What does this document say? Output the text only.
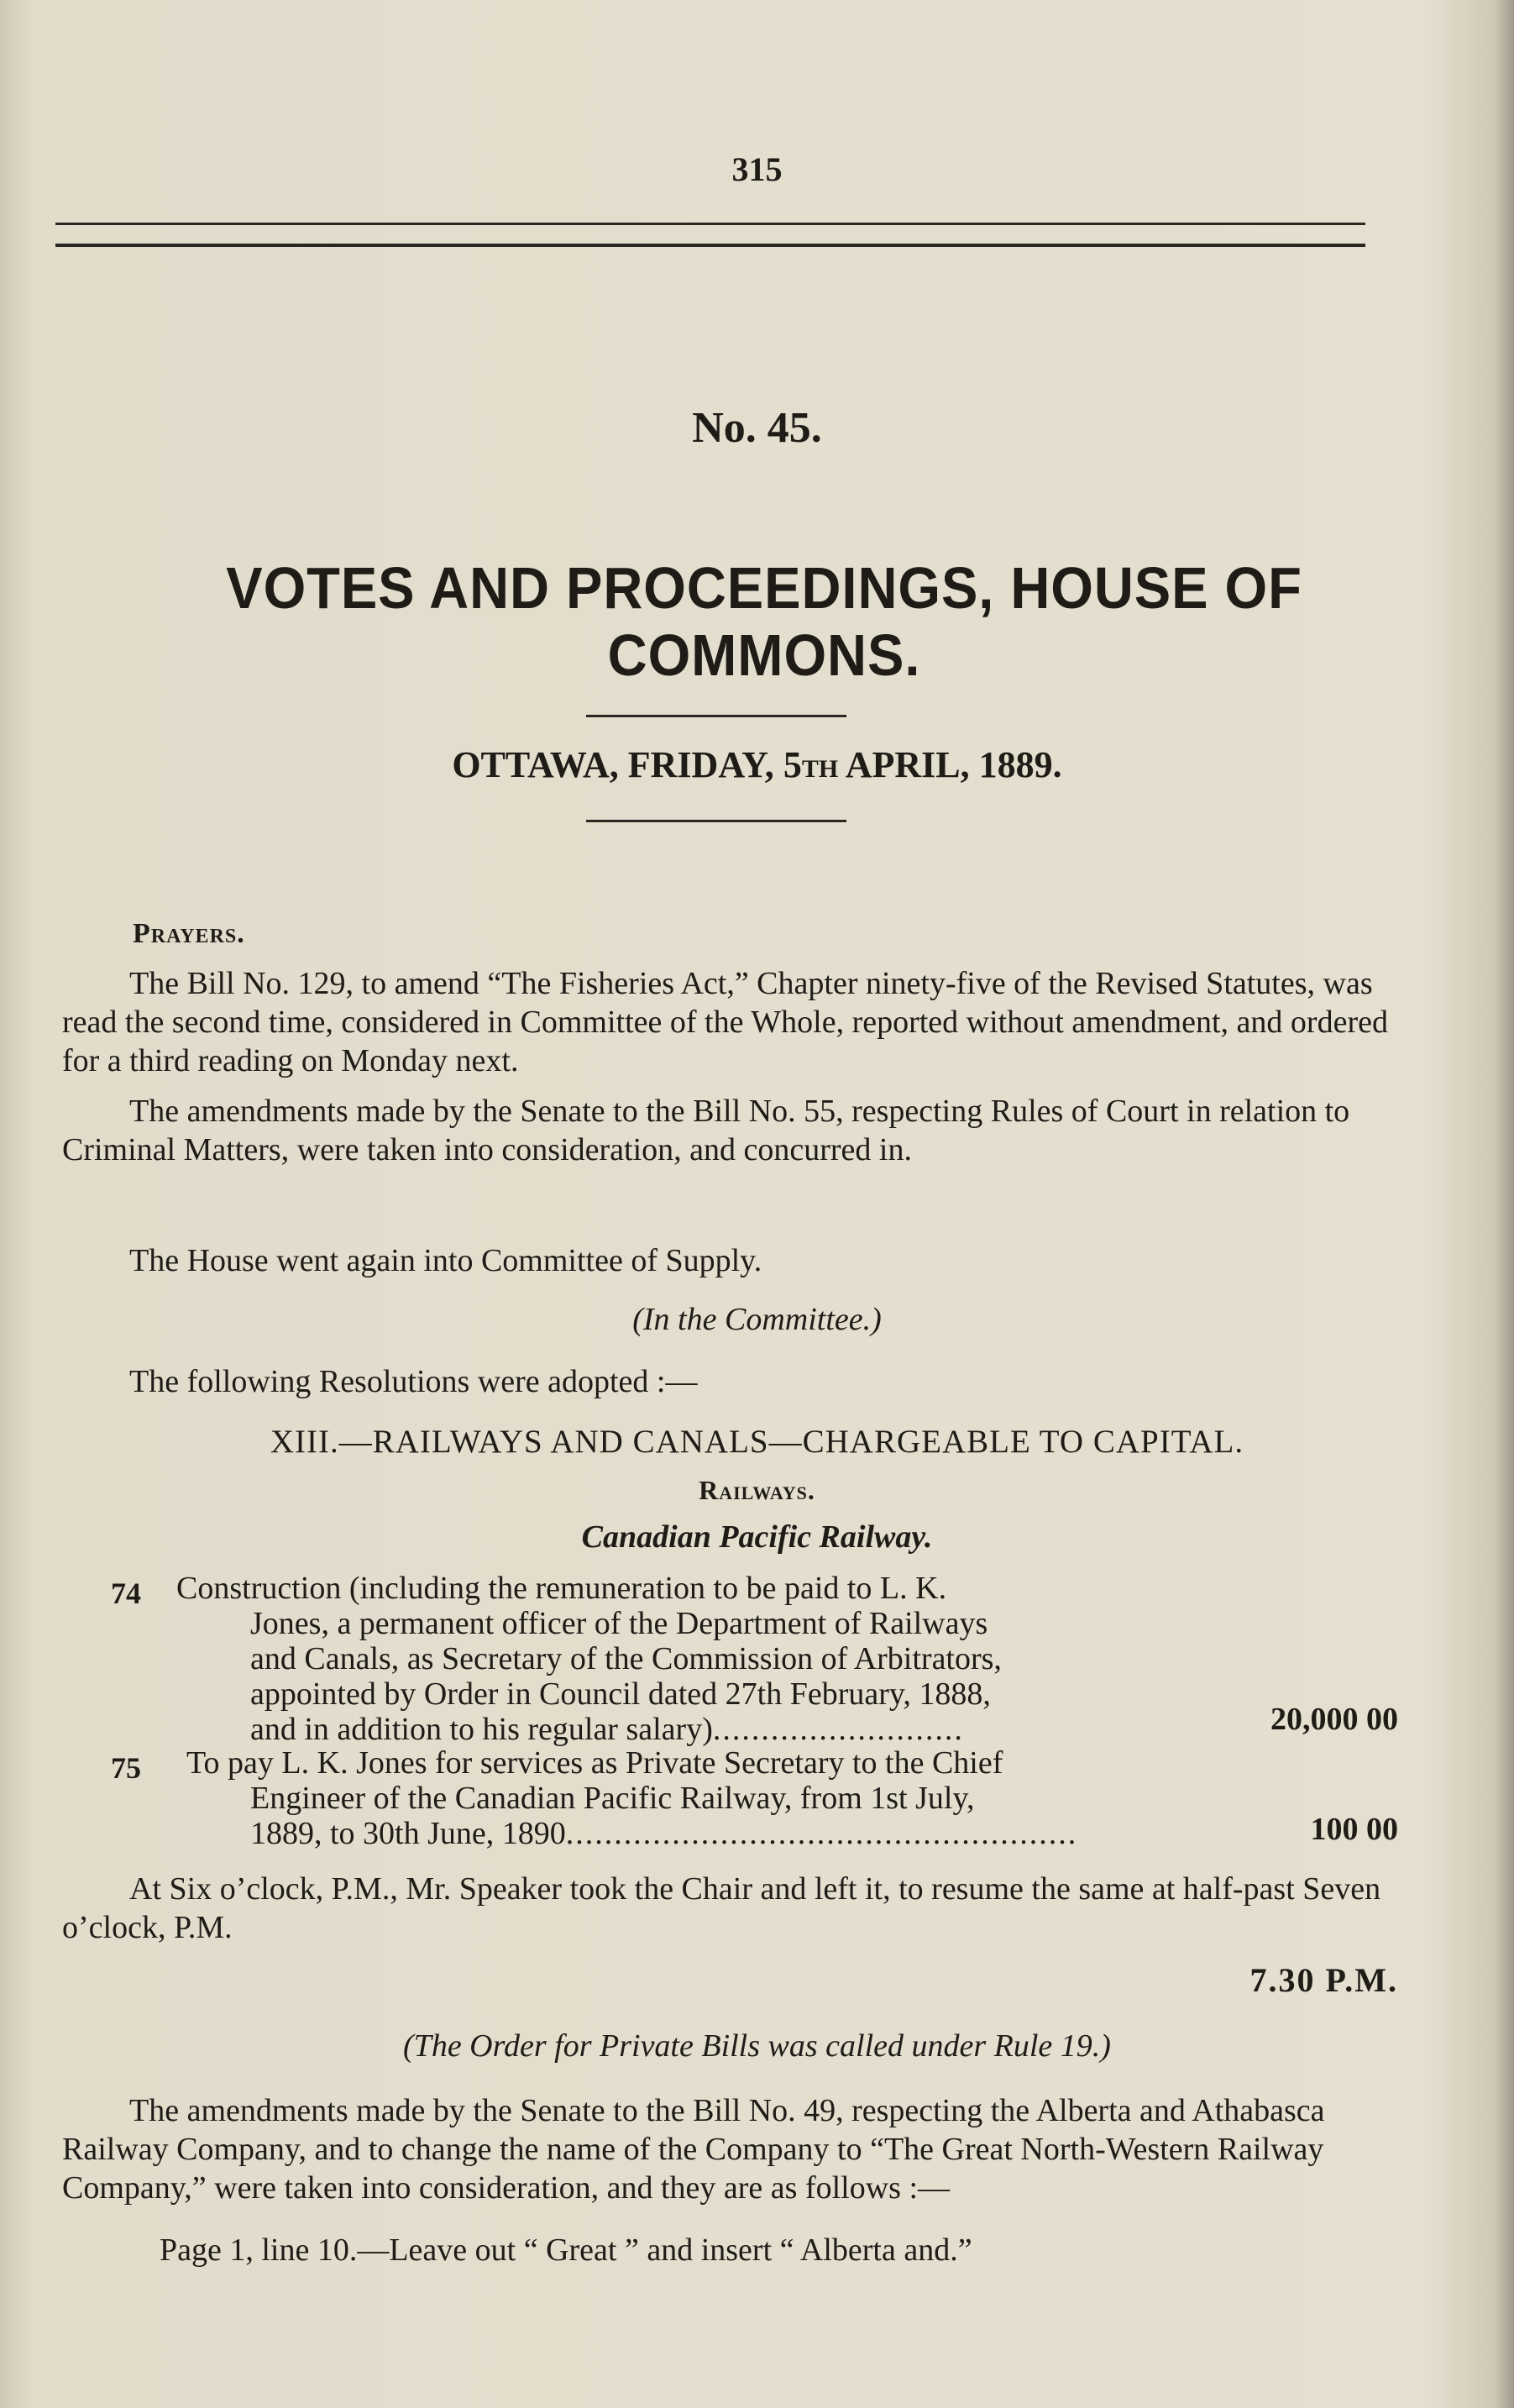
315
No. 45.
VOTES AND PROCEEDINGS, HOUSE OF COMMONS.
OTTAWA, FRIDAY, 5TH APRIL, 1889.
Prayers.
The Bill No. 129, to amend “The Fisheries Act,” Chapter ninety-five of the Revised Statutes, was read the second time, considered in Committee of the Whole, reported without amendment, and ordered for a third reading on Monday next.
The amendments made by the Senate to the Bill No. 55, respecting Rules of Court in relation to Criminal Matters, were taken into consideration, and concurred in.
The House went again into Committee of Supply.
(In the Committee.)
The following Resolutions were adopted :—
XIII.—RAILWAYS AND CANALS—CHARGEABLE TO CAPITAL.
Railways.
Canadian Pacific Railway.
74 Construction (including the remuneration to be paid to L. K.
Jones, a permanent officer of the Department of Railways
and Canals, as Secretary of the Commission of Arbitrators,
appointed by Order in Council dated 27th February, 1888,
and in addition to his regular salary)..........................	20,000 00
75 To pay L. K. Jones for services as Private Secretary to the Chief
Engineer of the Canadian Pacific Railway, from 1st July,
1889, to 30th June, 1890.....................................................	100 00
At Six o’clock, P.M., Mr. Speaker took the Chair and left it, to resume the same at half-past Seven o’clock, P.M.
7.30 P.M.
(The Order for Private Bills was called under Rule 19.)
The amendments made by the Senate to the Bill No. 49, respecting the Alberta and Athabasca Railway Company, and to change the name of the Company to “The Great North-Western Railway Company,” were taken into consideration, and they are as follows :—
Page 1, line 10.—Leave out “ Great ” and insert “ Alberta and.”
